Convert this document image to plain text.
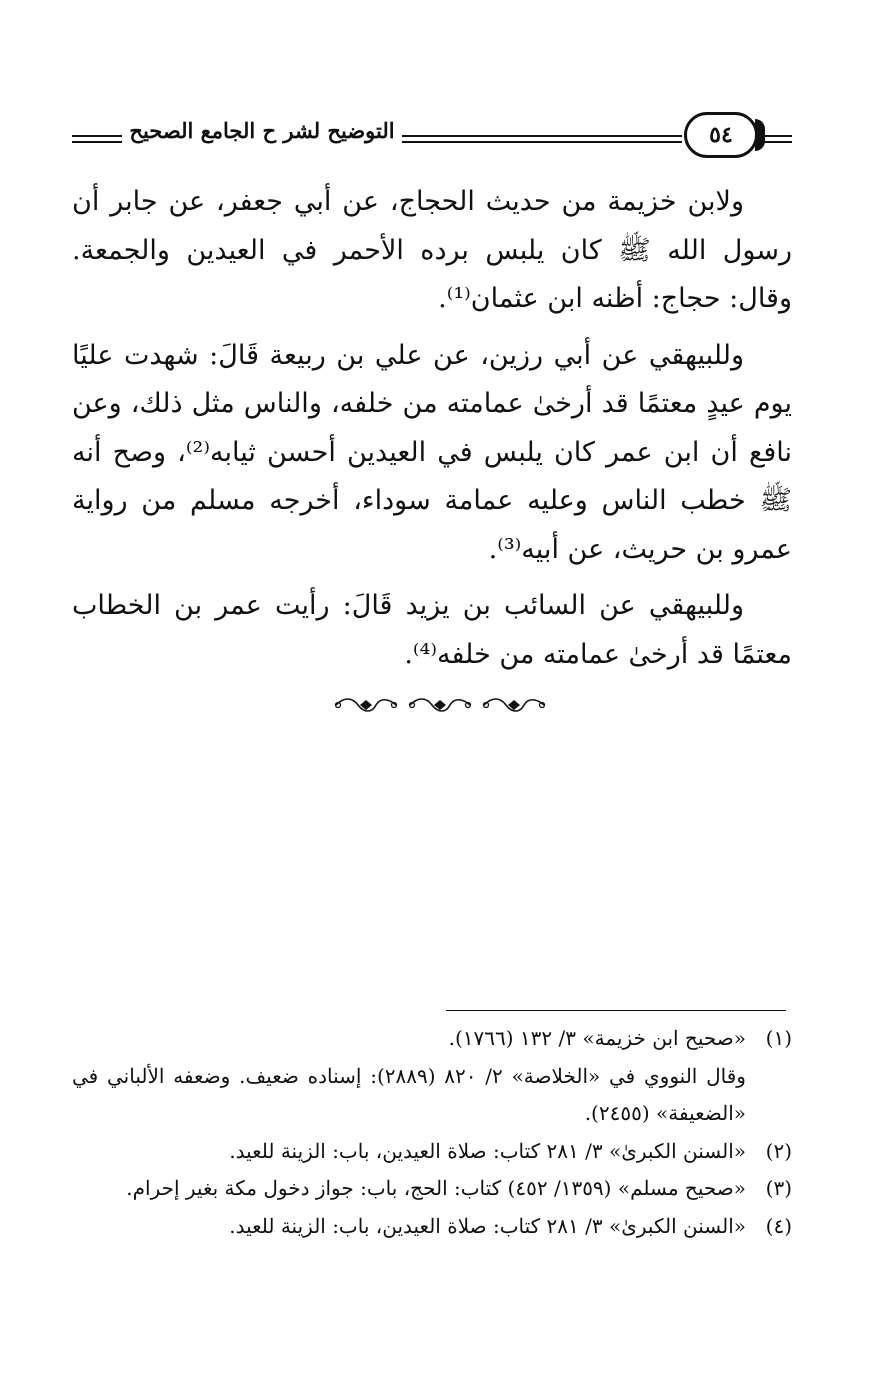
التوضيح لشر ح الجامع الصحيح	٥٤

ولابن خزيمة من حديث الحجاج، عن أبي جعفر، عن جابر أن رسول الله ﷺ كان يلبس برده الأحمر في العيدين والجمعة. وقال: حجاج: أظنه ابن عثمان⁽¹⁾.

وللبيهقي عن أبي رزين، عن علي بن ربيعة قَالَ: شهدت عليًا يوم عيدٍ معتمًا قد أرخىٰ عمامته من خلفه، والناس مثل ذلك، وعن نافع أن ابن عمر كان يلبس في العيدين أحسن ثيابه⁽²⁾، وصح أنه ﷺ خطب الناس وعليه عمامة سوداء، أخرجه مسلم من رواية عمرو بن حريث، عن أبيه⁽³⁾.

وللبيهقي عن السائب بن يزيد قَالَ: رأيت عمر بن الخطاب معتمًا قد أرخىٰ عمامته من خلفه⁽⁴⁾.

(١)
«صحيح ابن خزيمة» ٣/ ١٣٢ (١٧٦٦).
وقال النووي في «الخلاصة» ٢/ ٨٢٠ (٢٨٨٩): إسناده ضعيف. وضعفه الألباني في «الضعيفة» (٢٤٥٥).
(٢)
«السنن الكبرىٰ» ٣/ ٢٨١ كتاب: صلاة العيدين، باب: الزينة للعيد.
(٣)
«صحيح مسلم» (١٣٥٩/ ٤٥٢) كتاب: الحج، باب: جواز دخول مكة بغير إحرام.
(٤)
«السنن الكبرىٰ» ٣/ ٢٨١ كتاب: صلاة العيدين، باب: الزينة للعيد.
